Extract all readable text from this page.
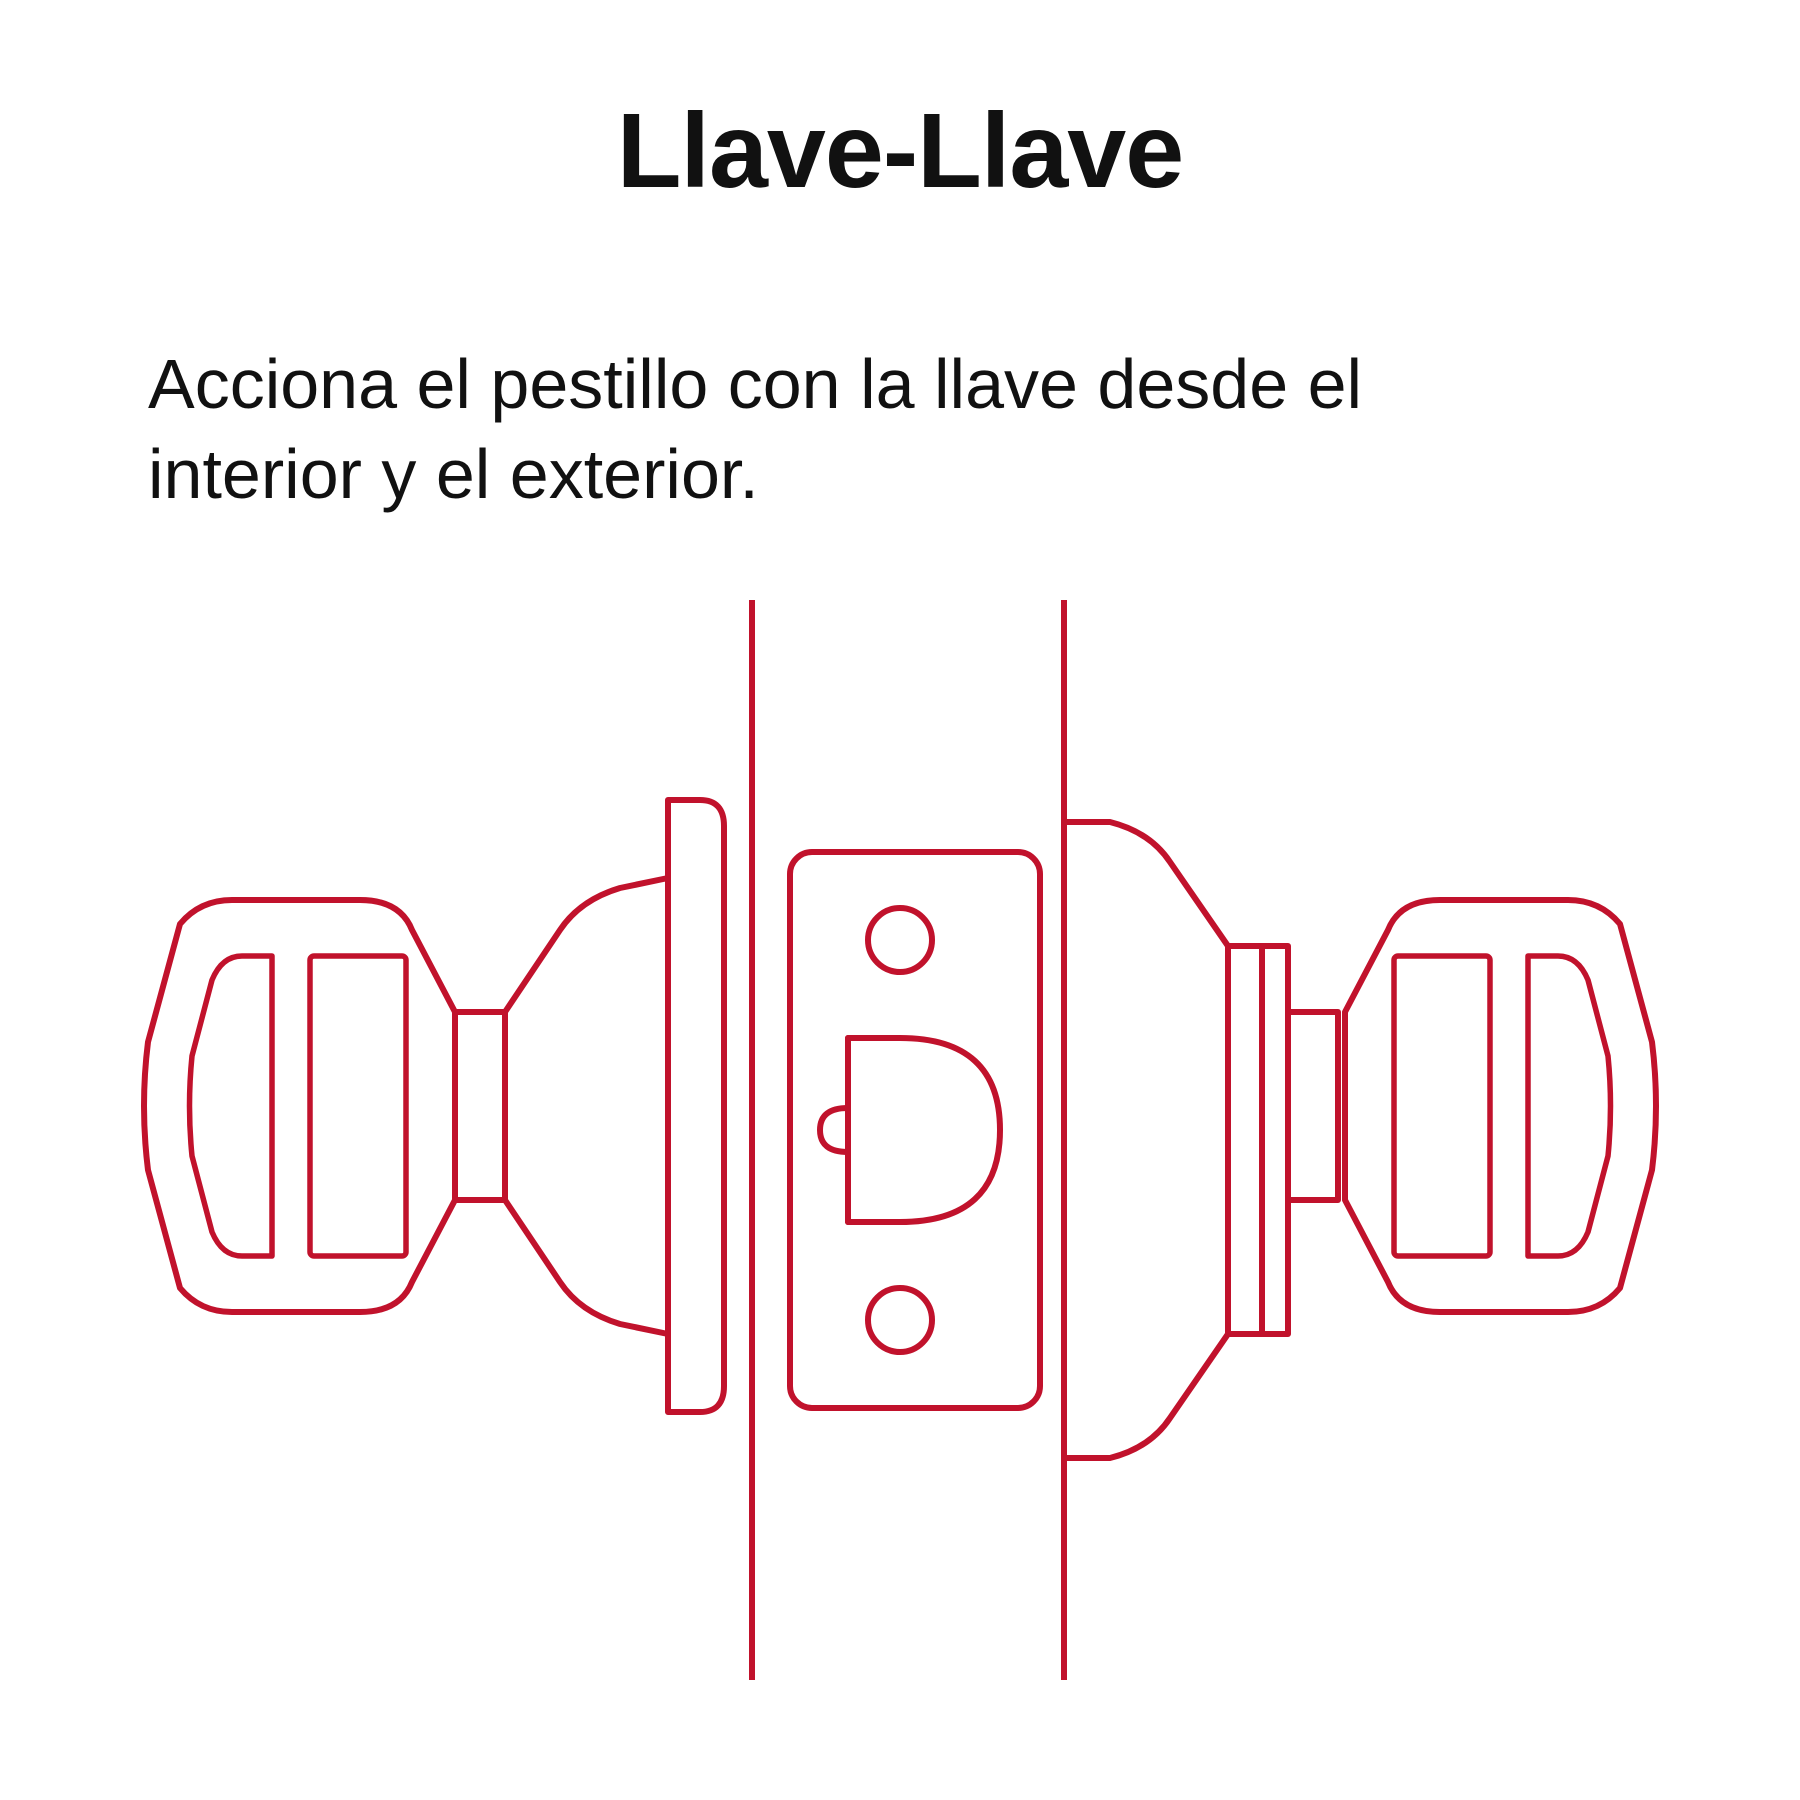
Llave-Llave
Acciona el pestillo con la llave desde el interior y el exterior.
